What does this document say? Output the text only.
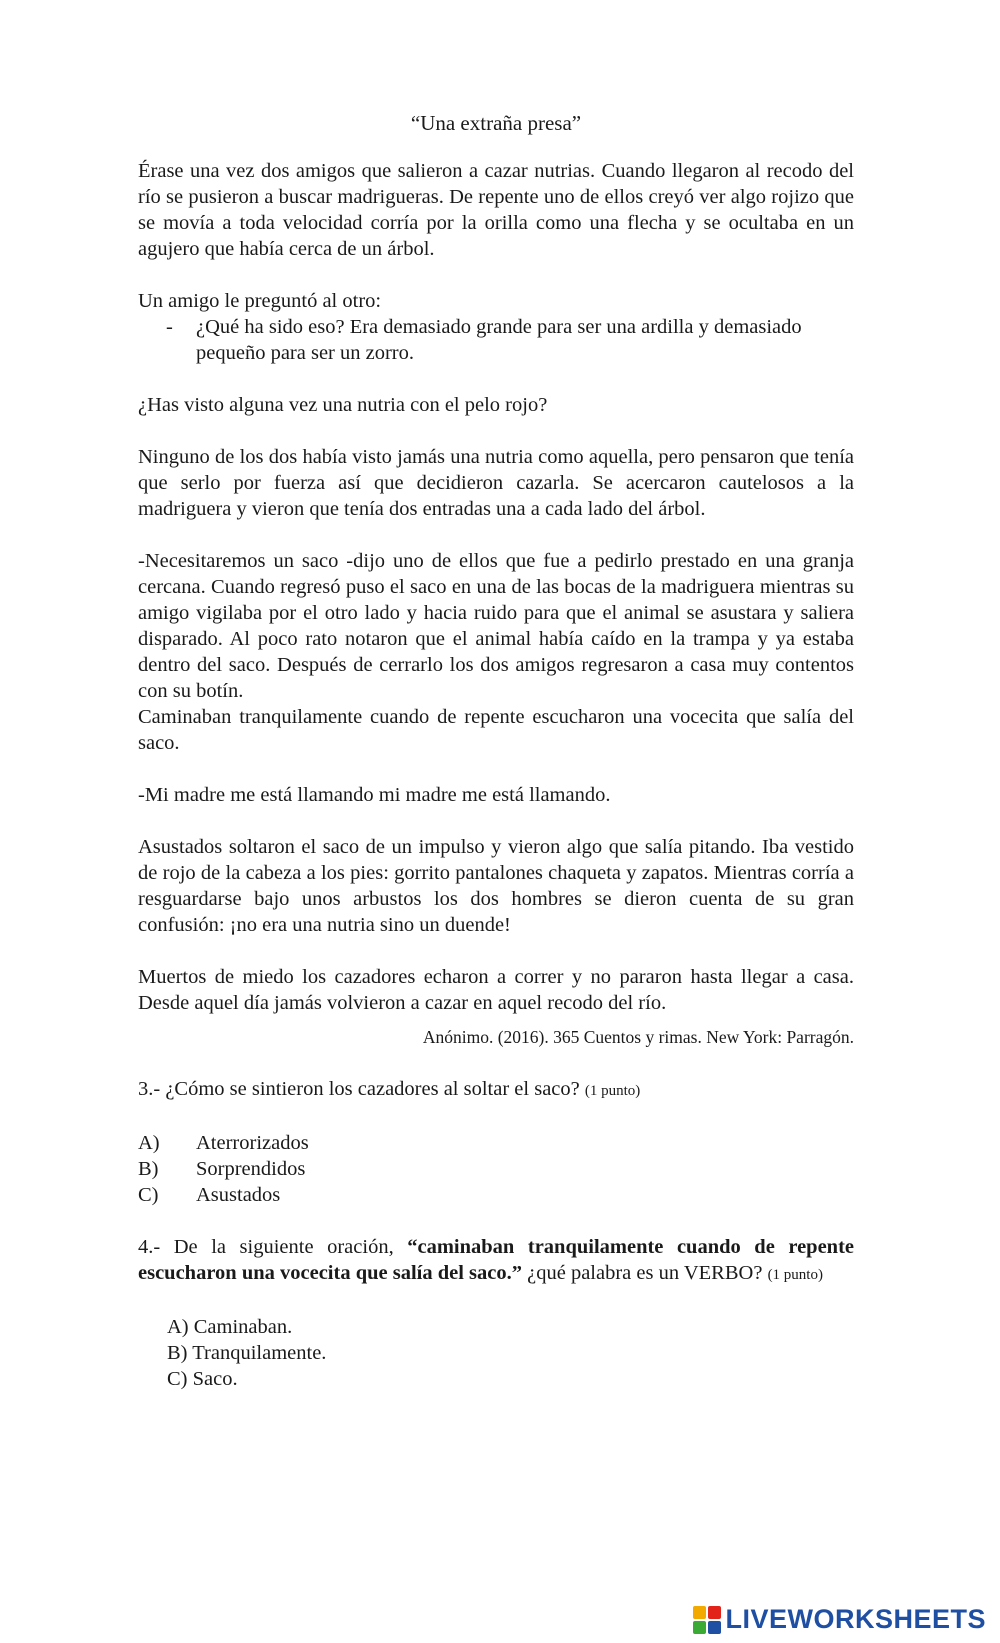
“Una extraña presa”

Érase una vez dos amigos que salieron a cazar nutrias. Cuando llegaron al recodo del río se pusieron a buscar madrigueras. De repente uno de ellos creyó ver algo rojizo que se movía a toda velocidad corría por la orilla como una flecha y se ocultaba en un agujero que había cerca de un árbol.

Un amigo le preguntó al otro:

-	¿Qué ha sido eso? Era demasiado grande para ser una ardilla y demasiado pequeño para ser un zorro.

¿Has visto alguna vez una nutria con el pelo rojo?

Ninguno de los dos había visto jamás una nutria como aquella, pero pensaron que tenía que serlo por fuerza así que decidieron cazarla. Se acercaron cautelosos a la madriguera y vieron que tenía dos entradas una a cada lado del árbol.

-Necesitaremos un saco -dijo uno de ellos que fue a pedirlo prestado en una granja cercana. Cuando regresó puso el saco en una de las bocas de la madriguera mientras su amigo vigilaba por el otro lado y hacia ruido para que el animal se asustara y saliera disparado. Al poco rato notaron que el animal había caído en la trampa y ya estaba dentro del saco. Después de cerrarlo los dos amigos regresaron a casa muy contentos con su botín.

Caminaban tranquilamente cuando de repente escucharon una vocecita que salía del saco.

-Mi madre me está llamando mi madre me está llamando.

Asustados soltaron el saco de un impulso y vieron algo que salía pitando. Iba vestido de rojo de la cabeza a los pies: gorrito pantalones chaqueta y zapatos. Mientras corría a resguardarse bajo unos arbustos los dos hombres se dieron cuenta de su gran confusión: ¡no era una nutria sino un duende!

Muertos de miedo los cazadores echaron a correr y no pararon hasta llegar a casa. Desde aquel día jamás volvieron a cazar en aquel recodo del río.

Anónimo. (2016). 365 Cuentos y rimas. New York: Parragón.
3.- ¿Cómo se sintieron los cazadores al soltar el saco? (1 punto)
A)	Aterrorizados
B)	Sorprendidos
C)	Asustados

4.- De la siguiente oración, “caminaban tranquilamente cuando de repente escucharon una vocecita que salía del saco.” ¿qué palabra es un VERBO? (1 punto)

A) Caminaban.
B) Tranquilamente.
C) Saco.
LIVEWORKSHEETS
